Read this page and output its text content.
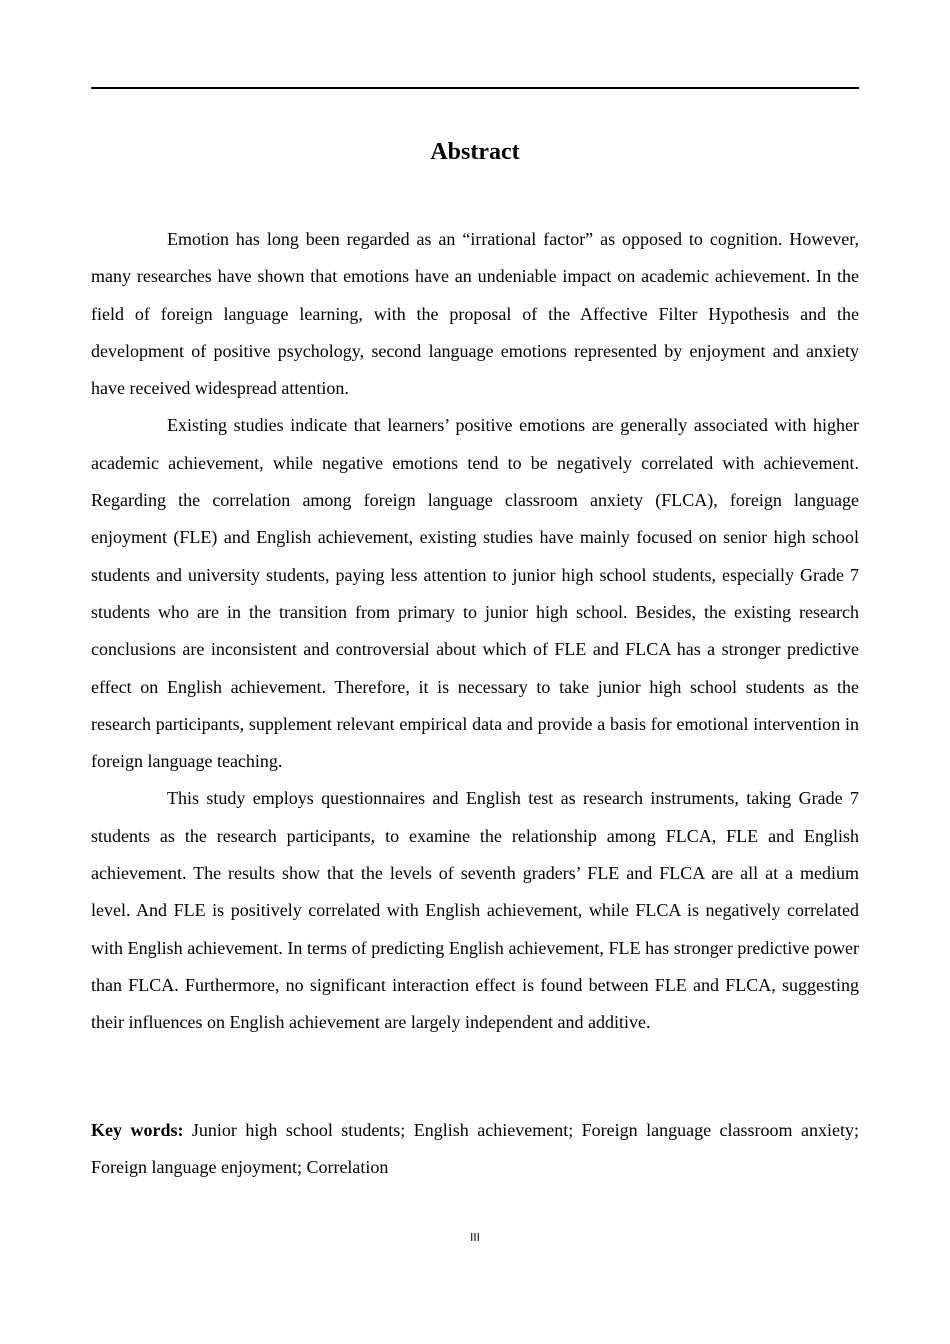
Abstract

Emotion has long been regarded as an “irrational factor” as opposed to cognition. However, many researches have shown that emotions have an undeniable impact on academic achievement. In the field of foreign language learning, with the proposal of the Affective Filter Hypothesis and the development of positive psychology, second language emotions represented by enjoyment and anxiety have received widespread attention.

Existing studies indicate that learners’ positive emotions are generally associated with higher academic achievement, while negative emotions tend to be negatively correlated with achievement. Regarding the correlation among foreign language classroom anxiety (FLCA), foreign language enjoyment (FLE) and English achievement, existing studies have mainly focused on senior high school students and university students, paying less attention to junior high school students, especially Grade 7 students who are in the transition from primary to junior high school. Besides, the existing research conclusions are inconsistent and controversial about which of FLE and FLCA has a stronger predictive effect on English achievement. Therefore, it is necessary to take junior high school students as the research participants, supplement relevant empirical data and provide a basis for emotional intervention in foreign language teaching.

This study employs questionnaires and English test as research instruments, taking Grade 7 students as the research participants, to examine the relationship among FLCA, FLE and English achievement. The results show that the levels of seventh graders’ FLE and FLCA are all at a medium level. And FLE is positively correlated with English achievement, while FLCA is negatively correlated with English achievement. In terms of predicting English achievement, FLE has stronger predictive power than FLCA. Furthermore, no significant interaction effect is found between FLE and FLCA, suggesting their influences on English achievement are largely independent and additive.

Key words: Junior high school students; English achievement; Foreign language classroom anxiety; Foreign language enjoyment; Correlation
III
